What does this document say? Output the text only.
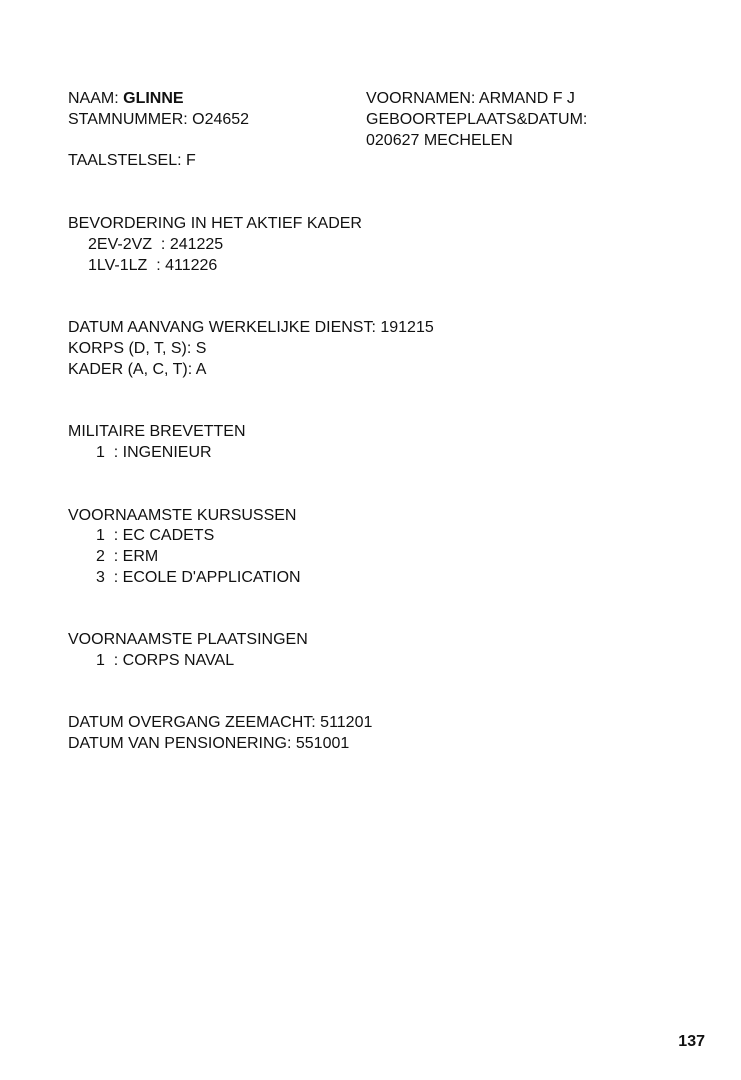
NAAM: GLINNE
STAMNUMMER: O24652
TAALSTELSEL: F
VOORNAMEN: ARMAND F J
GEBOORTEPLAATS&DATUM:
020627 MECHELEN
BEVORDERING IN HET AKTIEF KADER
2EV-2VZ  : 241225
1LV-1LZ  : 411226
DATUM AANVANG WERKELIJKE DIENST: 191215
KORPS (D, T, S): S
KADER (A, C, T): A
MILITAIRE BREVETTEN
1  : INGENIEUR
VOORNAAMSTE KURSUSSEN
1  : EC CADETS
2  : ERM
3  : ECOLE D'APPLICATION
VOORNAAMSTE PLAATSINGEN
1  : CORPS NAVAL
DATUM OVERGANG ZEEMACHT: 511201
DATUM VAN PENSIONERING: 551001
137
